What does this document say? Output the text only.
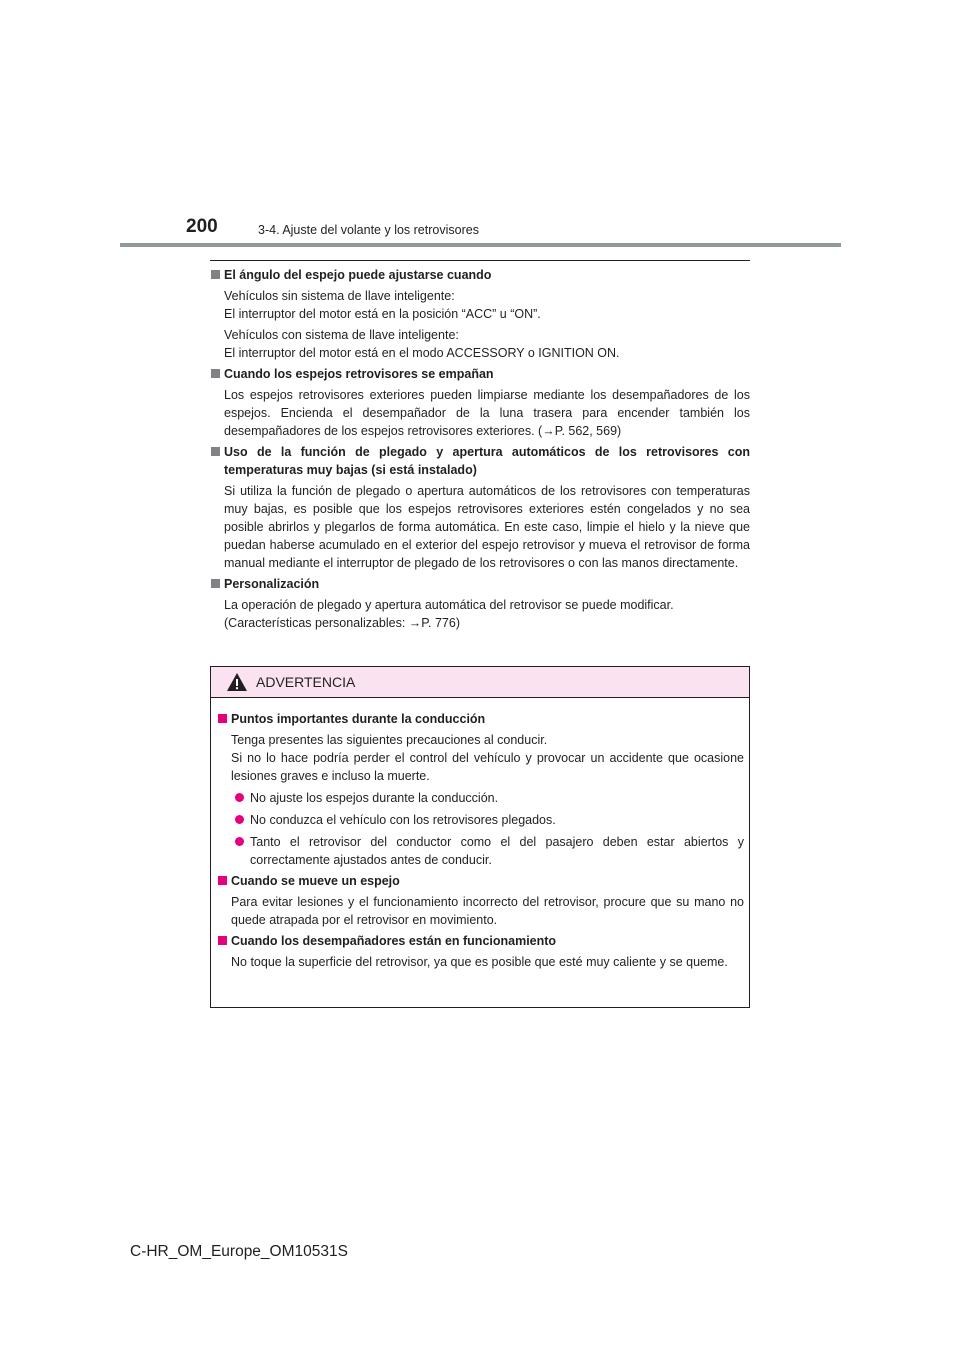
200	3-4. Ajuste del volante y los retrovisores
El ángulo del espejo puede ajustarse cuando
Vehículos sin sistema de llave inteligente:
El interruptor del motor está en la posición “ACC” u “ON”.
Vehículos con sistema de llave inteligente:
El interruptor del motor está en el modo ACCESSORY o IGNITION ON.
Cuando los espejos retrovisores se empañan
Los espejos retrovisores exteriores pueden limpiarse mediante los desempañadores de los espejos. Encienda el desempañador de la luna trasera para encender también los desempañadores de los espejos retrovisores exteriores. (→P. 562, 569)
Uso de la función de plegado y apertura automáticos de los retrovisores con temperaturas muy bajas (si está instalado)
Si utiliza la función de plegado o apertura automáticos de los retrovisores con temperaturas muy bajas, es posible que los espejos retrovisores exteriores estén congelados y no sea posible abrirlos y plegarlos de forma automática. En este caso, limpie el hielo y la nieve que puedan haberse acumulado en el exterior del espejo retrovisor y mueva el retrovisor de forma manual mediante el interruptor de plegado de los retrovisores o con las manos directamente.
Personalización
La operación de plegado y apertura automática del retrovisor se puede modificar.
(Características personalizables: →P. 776)
ADVERTENCIA
Puntos importantes durante la conducción
Tenga presentes las siguientes precauciones al conducir.
Si no lo hace podría perder el control del vehículo y provocar un accidente que ocasione lesiones graves e incluso la muerte.
No ajuste los espejos durante la conducción.
No conduzca el vehículo con los retrovisores plegados.
Tanto el retrovisor del conductor como el del pasajero deben estar abiertos y correctamente ajustados antes de conducir.
Cuando se mueve un espejo
Para evitar lesiones y el funcionamiento incorrecto del retrovisor, procure que su mano no quede atrapada por el retrovisor en movimiento.
Cuando los desempañadores están en funcionamiento
No toque la superficie del retrovisor, ya que es posible que esté muy caliente y se queme.
C-HR_OM_Europe_OM10531S
